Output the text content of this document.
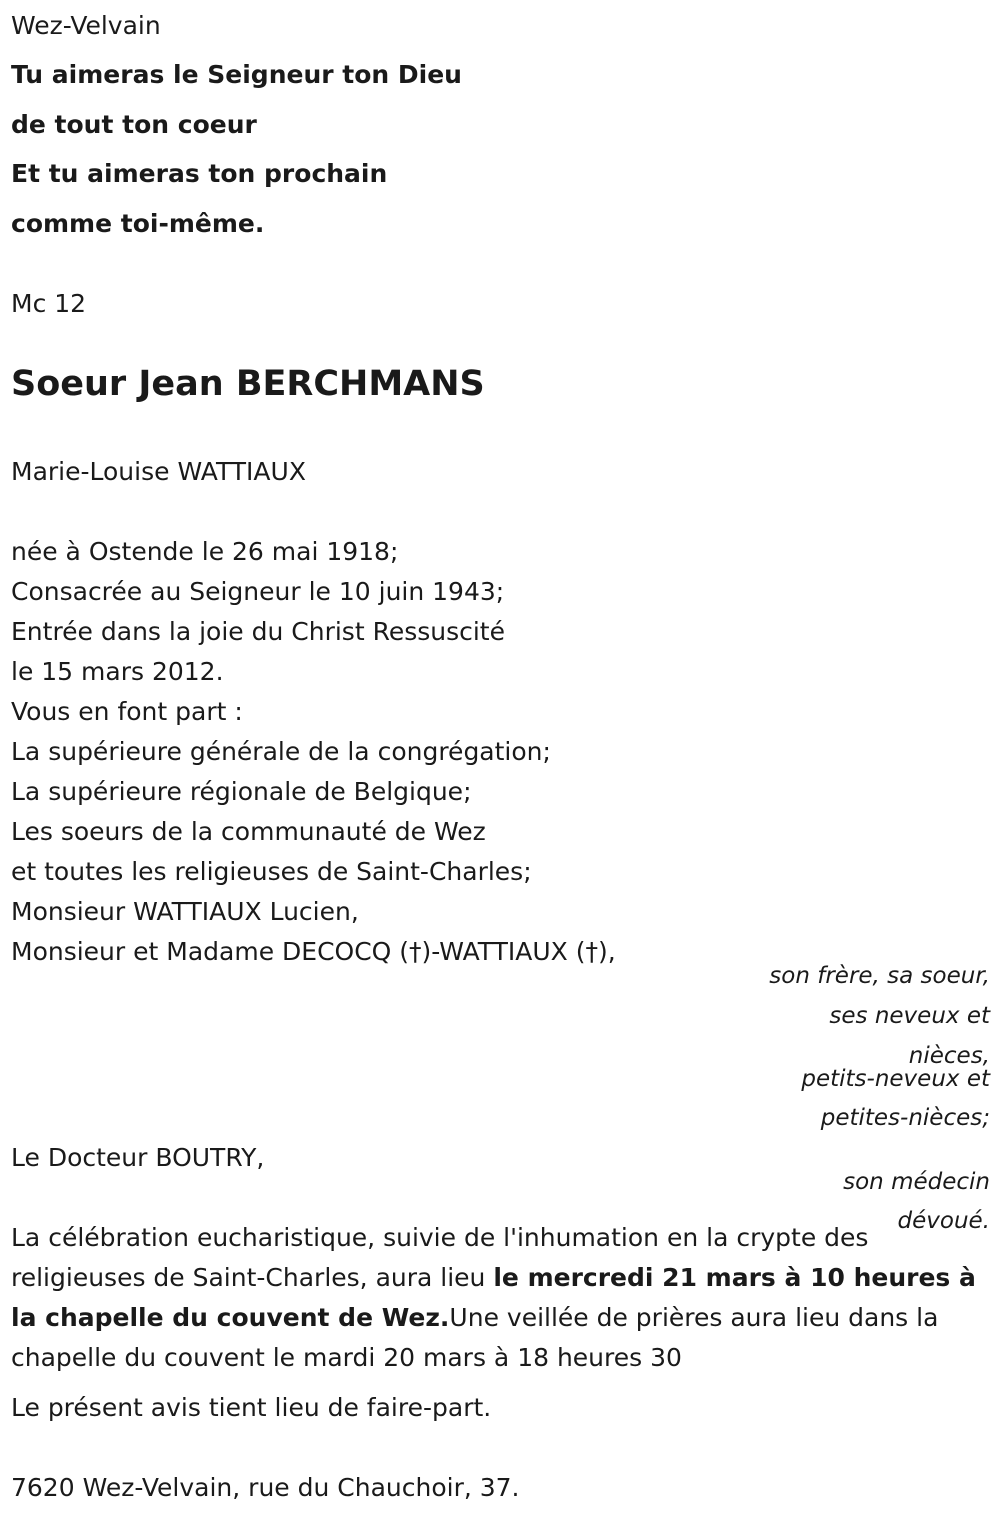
Wez-Velvain
Tu aimeras le Seigneur ton Dieu
de tout ton coeur
Et tu aimeras ton prochain
comme toi-même.
Mc 12
Soeur Jean BERCHMANS
Marie-Louise WATTIAUX
née à Ostende le 26 mai 1918;
Consacrée au Seigneur le 10 juin 1943;
Entrée dans la joie du Christ Ressuscité
le 15 mars 2012.
Vous en font part :
La supérieure générale de la congrégation;
La supérieure régionale de Belgique;
Les soeurs de la communauté de Wez
et toutes les religieuses de Saint-Charles;
Monsieur WATTIAUX Lucien,
Monsieur et Madame DECOCQ (†)-WATTIAUX (†),
son frère, sa soeur,
ses neveux et
nièces,
petits-neveux et
petites-nièces;
Le Docteur BOUTRY,
son médecin
dévoué.

La célébration eucharistique, suivie de l'inhumation en la crypte des religieuses de Saint-Charles, aura lieu le mercredi 21 mars à 10 heures à la chapelle du couvent de Wez.Une veillée de prières aura lieu dans la chapelle du couvent le mardi 20 mars à 18 heures 30

Le présent avis tient lieu de faire-part.
7620 Wez-Velvain, rue du Chauchoir, 37.
